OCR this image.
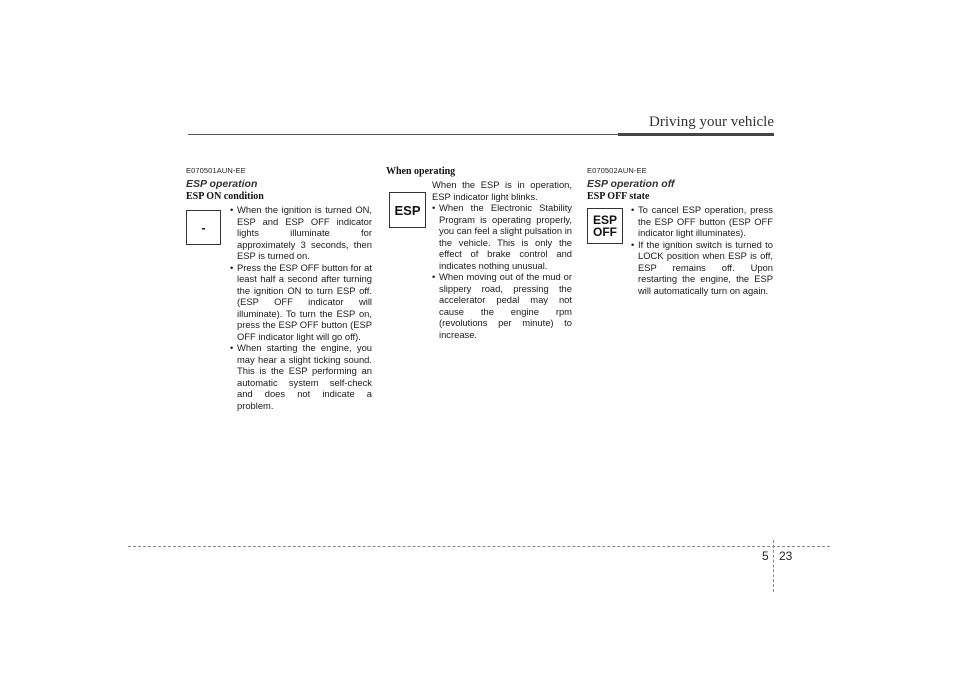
Driving your vehicle

E070501AUN-EE

ESP operation

ESP ON condition

-
• When the ignition is turned ON, ESP and ESP OFF indicator lights illuminate for approximately 3 seconds, then ESP is turned on.
• Press the ESP OFF button for at least half a second after turning the ignition ON to turn ESP off. (ESP OFF indicator will illuminate). To turn the ESP on, press the ESP OFF button (ESP OFF indicator light will go off).
• When starting the engine, you may hear a slight ticking sound. This is the ESP performing an automatic system self-check and does not indicate a problem.

When operating

ESP

When the ESP is in operation, ESP indicator light blinks.

• When the Electronic Stability Program is operating properly, you can feel a slight pulsation in the vehicle. This is only the effect of brake control and indicates nothing unusual.
• When moving out of the mud or slippery road, pressing the accelerator pedal may not cause the engine rpm (revolutions per minute) to increase.

E070502AUN-EE

ESP operation off

ESP OFF state

ESP
OFF
• To cancel ESP operation, press the ESP OFF button (ESP OFF indicator light illuminates).
• If the ignition switch is turned to LOCK position when ESP is off, ESP remains off. Upon restarting the engine, the ESP will automatically turn on again.
5 23
